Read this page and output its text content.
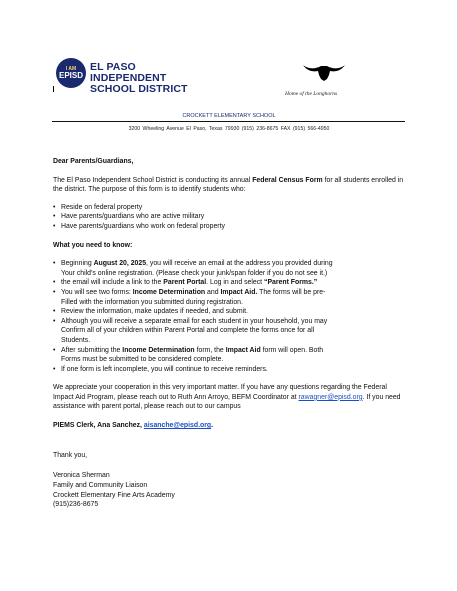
I AM
EPISD
EL PASO INDEPENDENT
SCHOOL DISTRICT	Home of the Longhorns
CROCKETT ELEMENTARY SCHOOL
3200 Wheeling Avenue El Paso, Texas 79930 (915) 236-8675 FAX (915) 566-4950

Dear Parents/Guardians,

The El Paso Independent School District is conducting its annual Federal Census Form for all students enrolled in the district. The purpose of this form is to identify students who:

• Reside on federal property
• Have parents/guardians who are active military
• Have parents/guardians who work on federal property

What you need to know:

• Beginning August 20, 2025, you will receive an email at the address you provided during
Your child’s online registration. (Please check your junk/span folder if you do not see it.)
• the email will include a link to the Parent Portal. Log in and select “Parent Forms.”
• You will see two forms: Income Determination and Impact Aid. The forms will be pre-
Filled with the information you submitted during registration.
• Review the information, make updates if needed, and submit.
• Although you will receive a separate email for each student in your household, you may
Confirm all of your children within Parent Portal and complete the forms once for all
Students.
• After submitting the Income Determination form, the Impact Aid form will open. Both
Forms must be submitted to be considered complete.
• If one form is left incomplete, you will continue to receive reminders.

We appreciate your cooperation in this very important matter. If you have any questions regarding the Federal Impact Aid Program, please reach out to Ruth Ann Arroyo, BEFM Coordinator at rawagner@episd.org. If you need assistance with parent portal, please reach out to our campus

PIEMS Clerk, Ana Sanchez, aisanche@episd.org.

Thank you,

Veronica Sherman

Family and Community Liaison

Crockett Elementary Fine Arts Academy

(915)236-8675
